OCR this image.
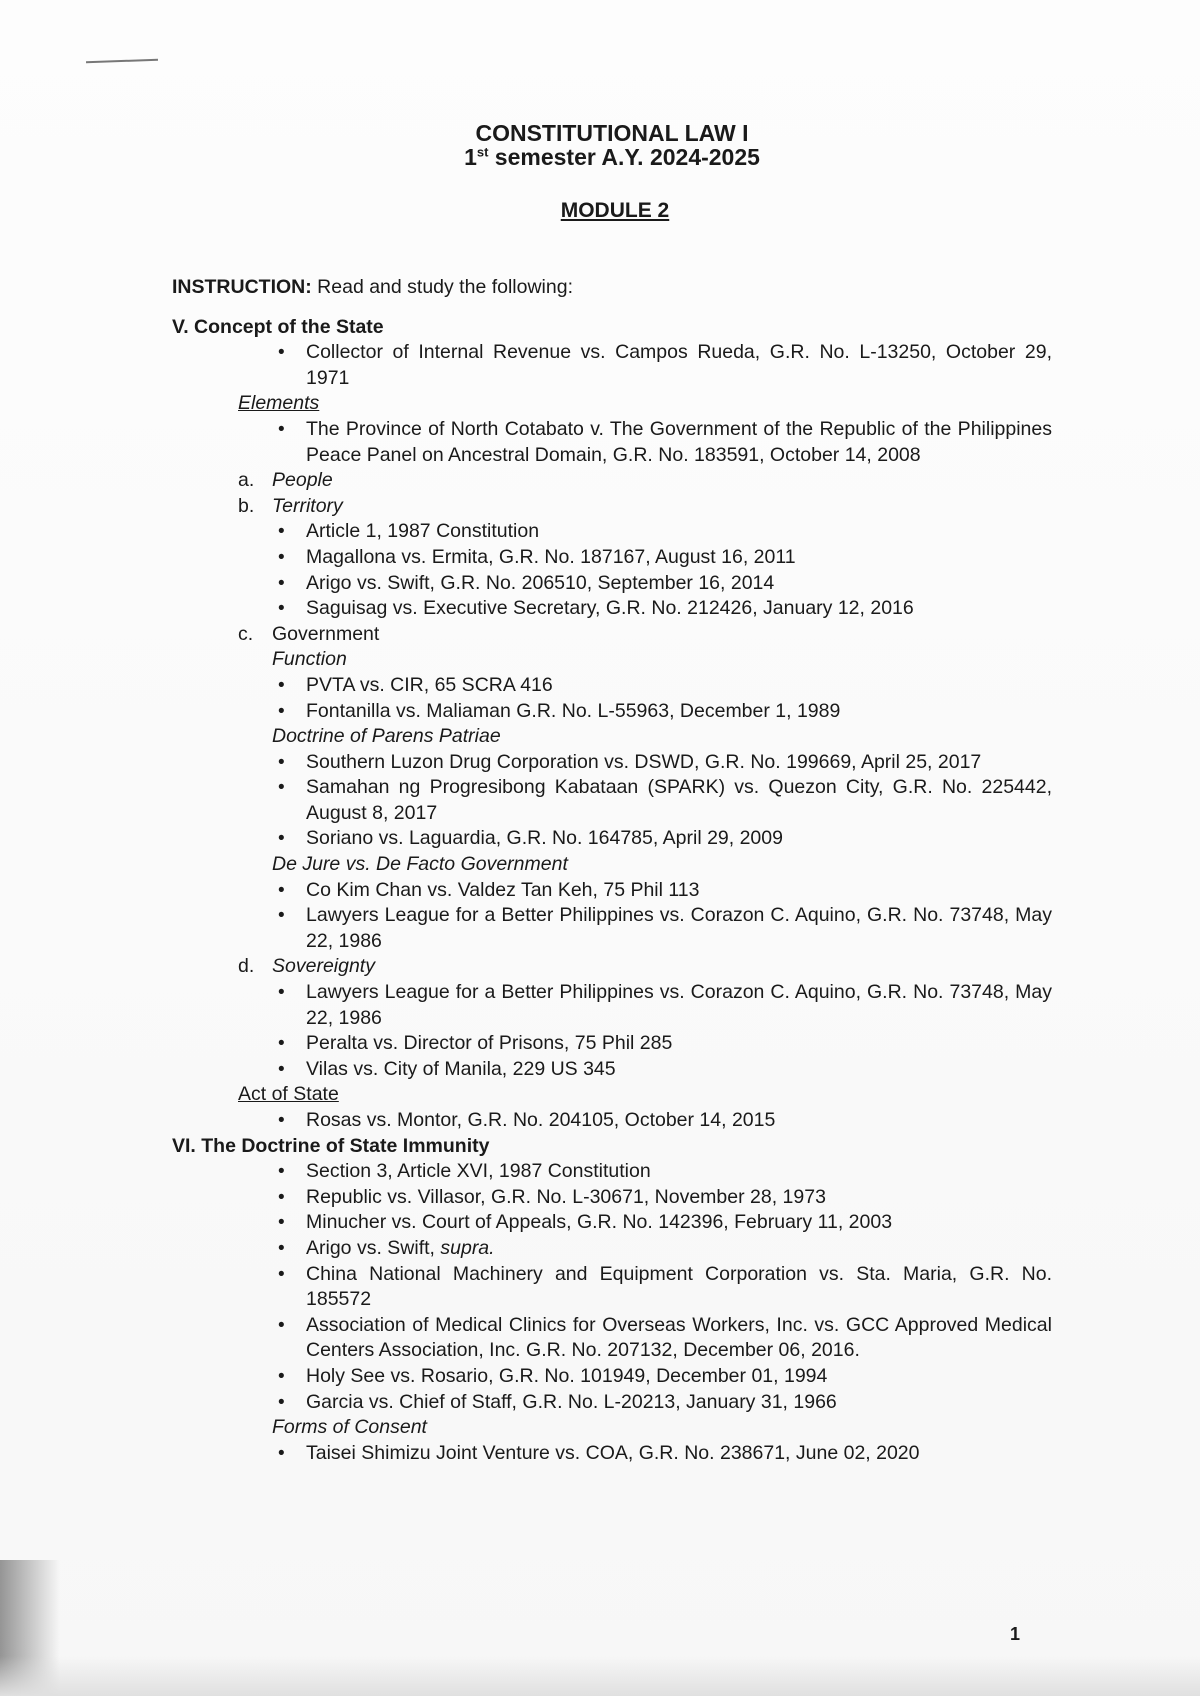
CONSTITUTIONAL LAW I
1st semester A.Y. 2024-2025
MODULE 2
INSTRUCTION: Read and study the following:
V. Concept of the State
• Collector of Internal Revenue vs. Campos Rueda, G.R. No. L-13250, October 29, 1971
Elements
• The Province of North Cotabato v. The Government of the Republic of the Philippines Peace Panel on Ancestral Domain, G.R. No. 183591, October 14, 2008
a. People
b. Territory
• Article 1, 1987 Constitution
• Magallona vs. Ermita, G.R. No. 187167, August 16, 2011
• Arigo vs. Swift, G.R. No. 206510, September 16, 2014
• Saguisag vs. Executive Secretary, G.R. No. 212426, January 12, 2016
c. Government
Function
• PVTA vs. CIR, 65 SCRA 416
• Fontanilla vs. Maliaman G.R. No. L-55963, December 1, 1989
Doctrine of Parens Patriae
• Southern Luzon Drug Corporation vs. DSWD, G.R. No. 199669, April 25, 2017
• Samahan ng Progresibong Kabataan (SPARK) vs. Quezon City, G.R. No. 225442, August 8, 2017
• Soriano vs. Laguardia, G.R. No. 164785, April 29, 2009
De Jure vs. De Facto Government
• Co Kim Chan vs. Valdez Tan Keh, 75 Phil 113
• Lawyers League for a Better Philippines vs. Corazon C. Aquino, G.R. No. 73748, May 22, 1986
d. Sovereignty
• Lawyers League for a Better Philippines vs. Corazon C. Aquino, G.R. No. 73748, May 22, 1986
• Peralta vs. Director of Prisons, 75 Phil 285
• Vilas vs. City of Manila, 229 US 345
Act of State
• Rosas vs. Montor, G.R. No. 204105, October 14, 2015
VI. The Doctrine of State Immunity
• Section 3, Article XVI, 1987 Constitution
• Republic vs. Villasor, G.R. No. L-30671, November 28, 1973
• Minucher vs. Court of Appeals, G.R. No. 142396, February 11, 2003
• Arigo vs. Swift, supra.
• China National Machinery and Equipment Corporation vs. Sta. Maria, G.R. No. 185572
• Association of Medical Clinics for Overseas Workers, Inc. vs. GCC Approved Medical Centers Association, Inc. G.R. No. 207132, December 06, 2016.
• Holy See vs. Rosario, G.R. No. 101949, December 01, 1994
• Garcia vs. Chief of Staff, G.R. No. L-20213, January 31, 1966
Forms of Consent
• Taisei Shimizu Joint Venture vs. COA, G.R. No. 238671, June 02, 2020
1
